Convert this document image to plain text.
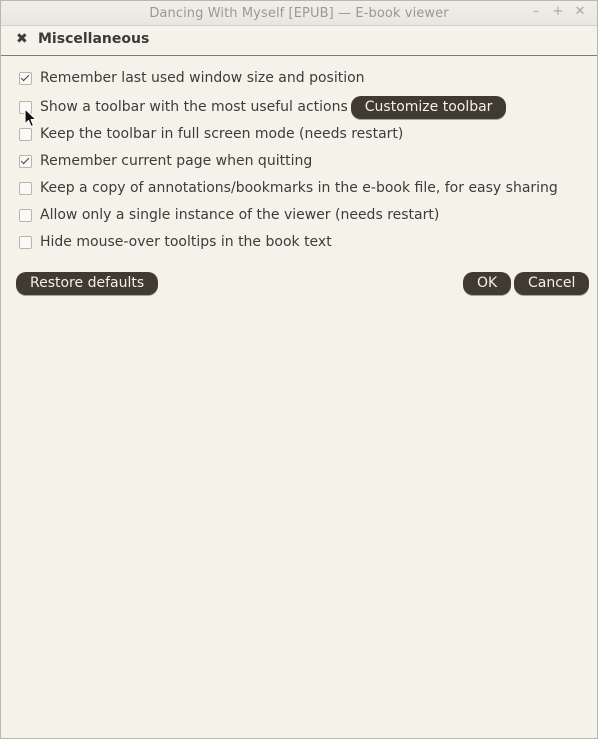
Dancing With Myself [EPUB] — E-book viewer	– + ✕
✖ Miscellaneous
Remember last used window size and position
Show a toolbar with the most useful actions	Customize toolbar
Keep the toolbar in full screen mode (needs restart)
Remember current page when quitting
Keep a copy of annotations/bookmarks in the e-book file, for easy sharing
Allow only a single instance of the viewer (needs restart)
Hide mouse-over tooltips in the book text
Restore defaults	OK	Cancel
